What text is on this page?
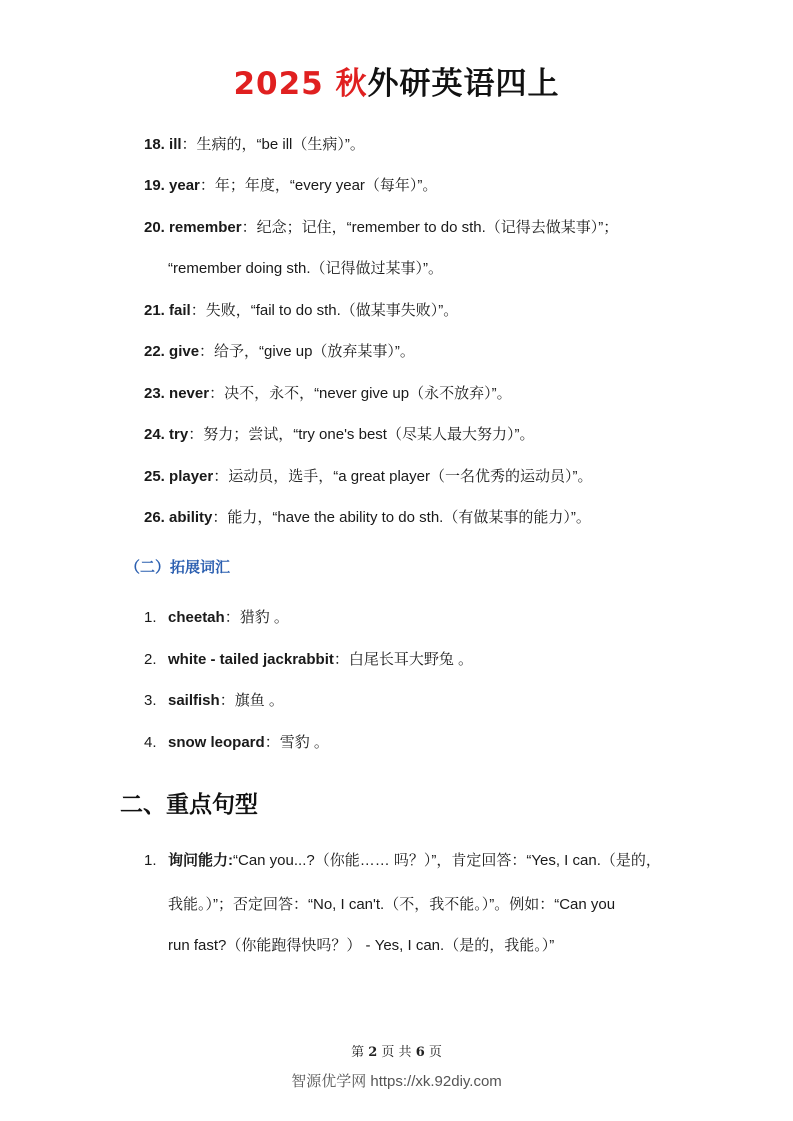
2025 秋外研英语四上
18. ill：生病的，“be ill（生病）”。
19. year：年；年度，“every year（每年）”。
20. remember：纪念；记住，“remember to do sth.（记得去做某事）”；
“remember doing sth.（记得做过某事）”。
21. fail：失败，“fail to do sth.（做某事失败）”。
22. give：给予，“give up（放弃某事）”。
23. never：决不，永不，“never give up（永不放弃）”。
24. try：努力；尝试，“try one's best（尽某人最大努力）”。
25. player：运动员，选手，“a great player（一名优秀的运动员）”。
26. ability：能力，“have the ability to do sth.（有做某事的能力）”。
（二）拓展词汇
1. cheetah：猎豹 。
2. white - tailed jackrabbit：白尾长耳大野兔 。
3. sailfish：旗鱼 。
4. snow leopard：雪豹 。
二、重点句型
1. 询问能力:“Can you...?（你能…… 吗？）”，肯定回答：“Yes, I can.（是的，
我能。）”；否定回答：“No, I can't.（不，我不能。）”。例如：“Can you
run fast?（你能跑得快吗？） - Yes, I can.（是的，我能。）”
第 2 页 共 6 页
智源优学网 https://xk.92diy.com
